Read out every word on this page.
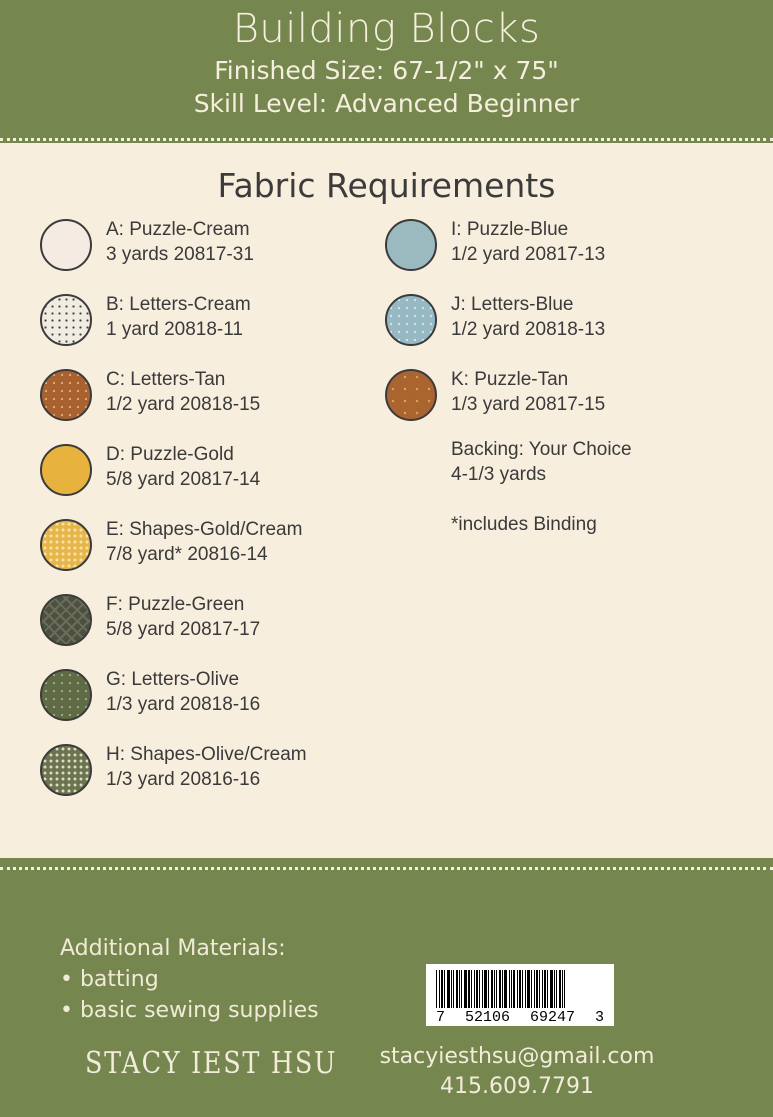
Building Blocks
Finished Size: 67-1/2" x 75"
Skill Level: Advanced Beginner
Fabric Requirements
A: Puzzle-Cream
3 yards 20817-31
B: Letters-Cream
1 yard 20818-11
C: Letters-Tan
1/2 yard 20818-15
D: Puzzle-Gold
5/8 yard 20817-14
E: Shapes-Gold/Cream
7/8 yard* 20816-14
F: Puzzle-Green
5/8 yard 20817-17
G: Letters-Olive
1/3 yard 20818-16
H: Shapes-Olive/Cream
1/3 yard 20816-16
I: Puzzle-Blue
1/2 yard 20817-13
J: Letters-Blue
1/2 yard 20818-13
K: Puzzle-Tan
1/3 yard 20817-15
Backing: Your Choice
4-1/3 yards
*includes Binding
Additional Materials:
• batting
• basic sewing supplies	7 52106 69247 3
STACY IEST HSU	stacyiesthsu@gmail.com
415.609.7791
